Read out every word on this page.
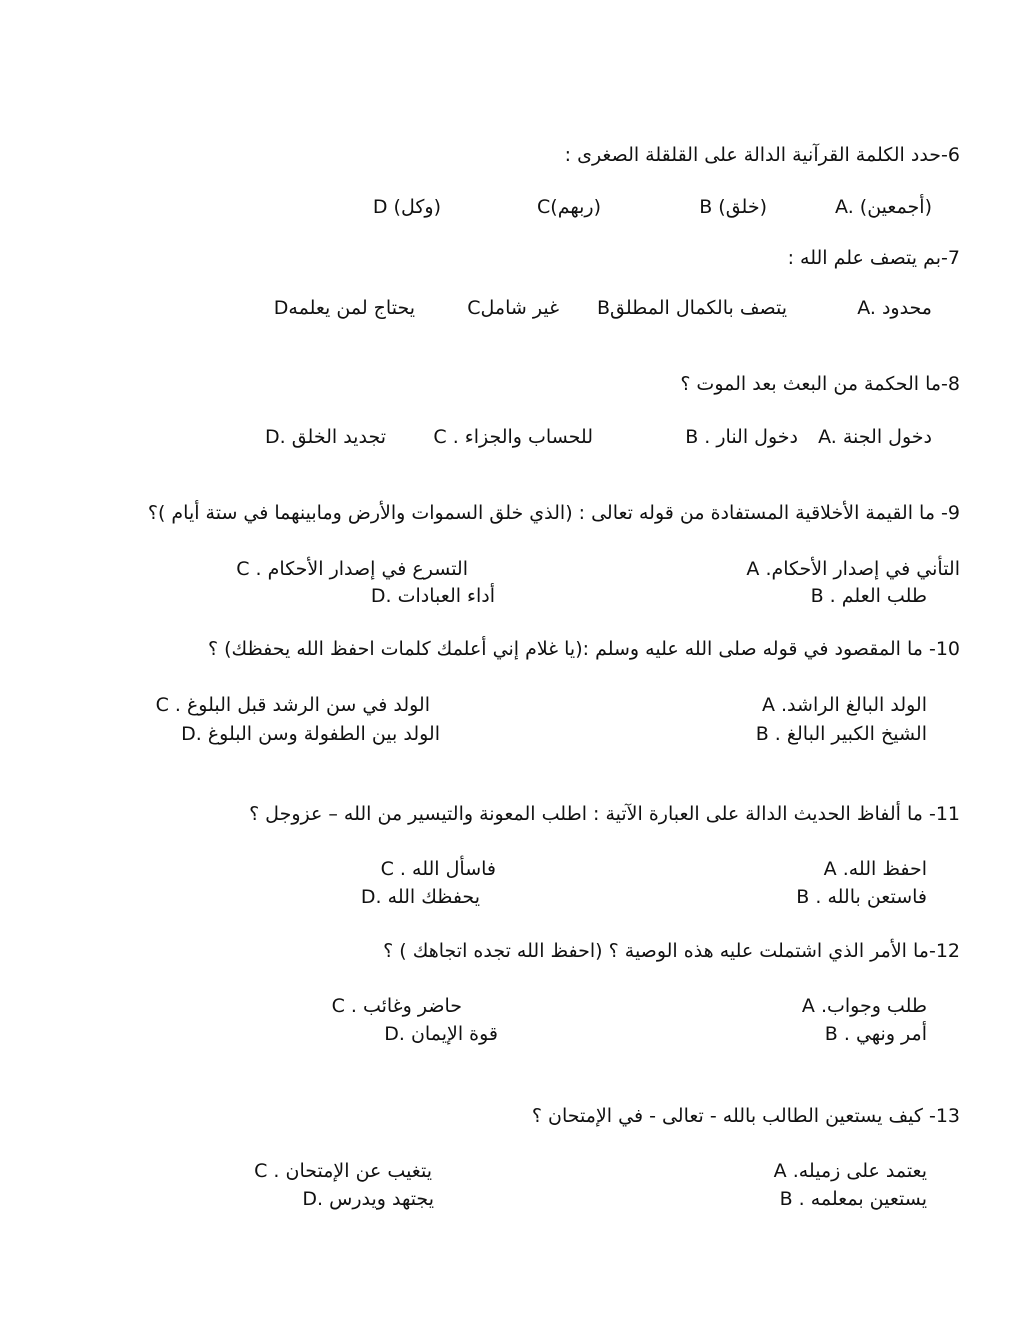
6-حدد الكلمة القرآنية الدالة على القلقلة الصغرى :
A. (أجمعين)
B (خلق)
C(ربهم)
D (وكل)
7-بم يتصف علم الله :
A. محدود
Bيتصف بالكمال المطلق
Cغير شامل
Dيحتاج لمن يعلمه
8-ما الحكمة من البعث بعد الموت ؟
A. دخول الجنة
B . دخول النار
C . للحساب والجزاء
D. تجديد الخلق
9- ما القيمة الأخلاقية المستفادة من قوله تعالى : (الذي خلق السموات والأرض ومابينهما في ستة أيام )؟
A .التأني في إصدار الأحكام
B . طلب العلم
C . التسرع في إصدار الأحكام
D. أداء العبادات
10- ما المقصود في قوله صلى الله عليه وسلم :(يا غلام إني أعلمك كلمات احفظ الله يحفظك) ؟
A .الولد البالغ الراشد
B . الشيخ الكبير البالغ
C . الولد في سن الرشد قبل البلوغ
D. الولد بين الطفولة وسن البلوغ
11- ما ألفاظ الحديث الدالة على العبارة الآتية : اطلب المعونة والتيسير من الله – عزوجل ؟
A .احفظ الله
B . فاستعن بالله
C . فاسأل الله
D. يحفظك الله
12-ما الأمر الذي اشتملت عليه هذه الوصية ؟ (احفظ الله تجده اتجاهك ) ؟
A .طلب وجواب
B . أمر ونهي
C . حاضر وغائب
D. قوة الإيمان
13- كيف يستعين الطالب بالله - تعالى - في الإمتحان ؟
A .يعتمد على زميله
B . يستعين بمعلمه
C . يتغيب عن الإمتحان
D. يجتهد ويدرس
